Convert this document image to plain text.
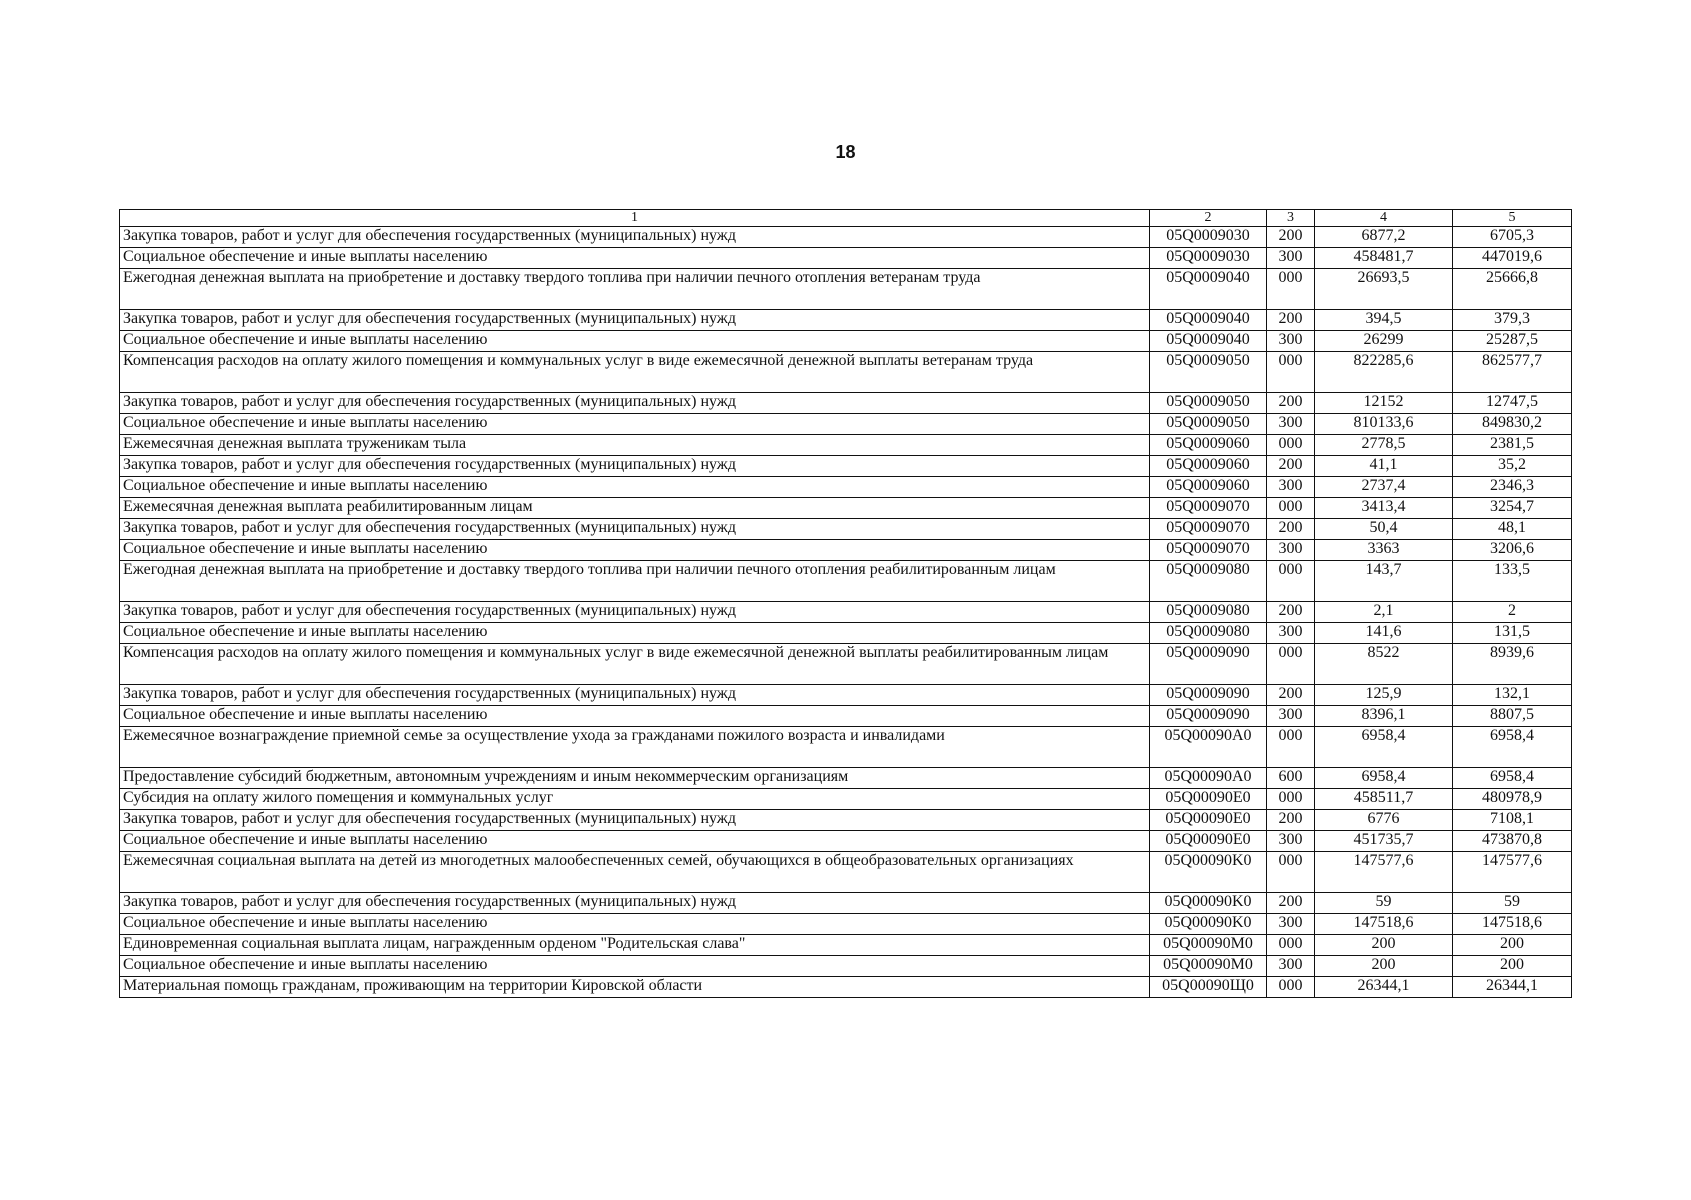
18
1	2	3	4	5
Закупка товаров, работ и услуг для обеспечения государственных (муниципальных) нужд	05Q0009030	200	6877,2	6705,3
Социальное обеспечение и иные выплаты населению	05Q0009030	300	458481,7	447019,6
Ежегодная денежная выплата на приобретение и доставку твердого топлива при наличии печного отопления ветеранам труда	05Q0009040	000	26693,5	25666,8
Закупка товаров, работ и услуг для обеспечения государственных (муниципальных) нужд	05Q0009040	200	394,5	379,3
Социальное обеспечение и иные выплаты населению	05Q0009040	300	26299	25287,5
Компенсация расходов на оплату жилого помещения и коммунальных услуг в виде ежемесячной денежной выплаты ветеранам труда	05Q0009050	000	822285,6	862577,7
Закупка товаров, работ и услуг для обеспечения государственных (муниципальных) нужд	05Q0009050	200	12152	12747,5
Социальное обеспечение и иные выплаты населению	05Q0009050	300	810133,6	849830,2
Ежемесячная денежная выплата труженикам тыла	05Q0009060	000	2778,5	2381,5
Закупка товаров, работ и услуг для обеспечения государственных (муниципальных) нужд	05Q0009060	200	41,1	35,2
Социальное обеспечение и иные выплаты населению	05Q0009060	300	2737,4	2346,3
Ежемесячная денежная выплата реабилитированным лицам	05Q0009070	000	3413,4	3254,7
Закупка товаров, работ и услуг для обеспечения государственных (муниципальных) нужд	05Q0009070	200	50,4	48,1
Социальное обеспечение и иные выплаты населению	05Q0009070	300	3363	3206,6
Ежегодная денежная выплата на приобретение и доставку твердого топлива при наличии печного отопления реабилитированным лицам	05Q0009080	000	143,7	133,5
Закупка товаров, работ и услуг для обеспечения государственных (муниципальных) нужд	05Q0009080	200	2,1	2
Социальное обеспечение и иные выплаты населению	05Q0009080	300	141,6	131,5
Компенсация расходов на оплату жилого помещения и коммунальных услуг в виде ежемесячной денежной выплаты реабилитированным лицам	05Q0009090	000	8522	8939,6
Закупка товаров, работ и услуг для обеспечения государственных (муниципальных) нужд	05Q0009090	200	125,9	132,1
Социальное обеспечение и иные выплаты населению	05Q0009090	300	8396,1	8807,5
Ежемесячное вознаграждение приемной семье за осуществление ухода за гражданами пожилого возраста и инвалидами	05Q00090A0	000	6958,4	6958,4
Предоставление субсидий бюджетным, автономным учреждениям и иным некоммерческим организациям	05Q00090A0	600	6958,4	6958,4
Субсидия на оплату жилого помещения и коммунальных услуг	05Q00090E0	000	458511,7	480978,9
Закупка товаров, работ и услуг для обеспечения государственных (муниципальных) нужд	05Q00090E0	200	6776	7108,1
Социальное обеспечение и иные выплаты населению	05Q00090E0	300	451735,7	473870,8
Ежемесячная социальная выплата на детей из многодетных малообеспеченных семей, обучающихся в общеобразовательных организациях	05Q00090K0	000	147577,6	147577,6
Закупка товаров, работ и услуг для обеспечения государственных (муниципальных) нужд	05Q00090K0	200	59	59
Социальное обеспечение и иные выплаты населению	05Q00090K0	300	147518,6	147518,6
Единовременная социальная выплата лицам, награжденным орденом "Родительская слава"	05Q00090M0	000	200	200
Социальное обеспечение и иные выплаты населению	05Q00090M0	300	200	200
Материальная помощь гражданам, проживающим на территории Кировской области	05Q00090Щ0	000	26344,1	26344,1
